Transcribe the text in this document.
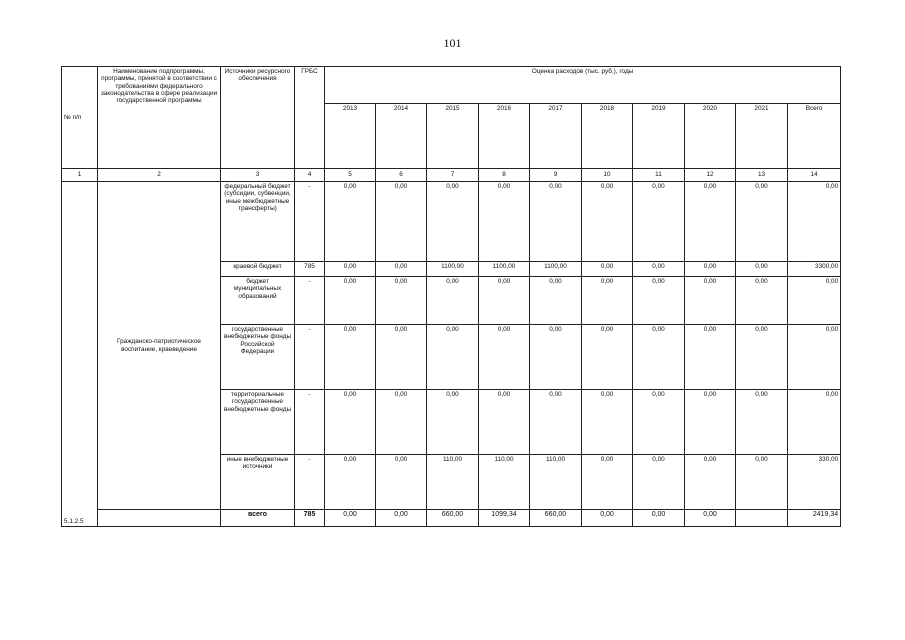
101
№ п/п	Наименование подпрограммы, программы, принятой в соответствии с требованиями федерального законодательства в сфере реализации государственной программы	Источники ресурсного обеспечения	ГРБС	Оценка расходов (тыс. руб.), годы									
				2013	2014	2015	2016	2017	2018	2019	2020	2021	Всего
1	2	3	4	5	6	7	8	9	10	11	12	13	14
5.1.2.5	Гражданско-патриотическое воспитание, краеведение	федеральный бюджет (субсидии, субвенции, иные межбюджетные трансферты)	-	0,00	0,00	0,00	0,00	0,00	0,00	0,00	0,00	0,00	0,00
		краевой бюджет	785	0,00	0,00	1100,00	1100,00	1100,00	0,00	0,00	0,00	0,00	3300,00
		бюджет муниципальных образований	-	0,00	0,00	0,00	0,00	0,00	0,00	0,00	0,00	0,00	0,00
		государственные внебюджетные фонды Российской Федерации	-	0,00	0,00	0,00	0,00	0,00	0,00	0,00	0,00	0,00	0,00
		территориальные государственные внебюджетные фонды	-	0,00	0,00	0,00	0,00	0,00	0,00	0,00	0,00	0,00	0,00
		иные внебюджетные источники	-	0,00	0,00	110,00	110,00	110,00	0,00	0,00	0,00	0,00	330,00
		всего	785	0,00	0,00	660,00	1099,34	660,00	0,00	0,00	0,00		2419,34
